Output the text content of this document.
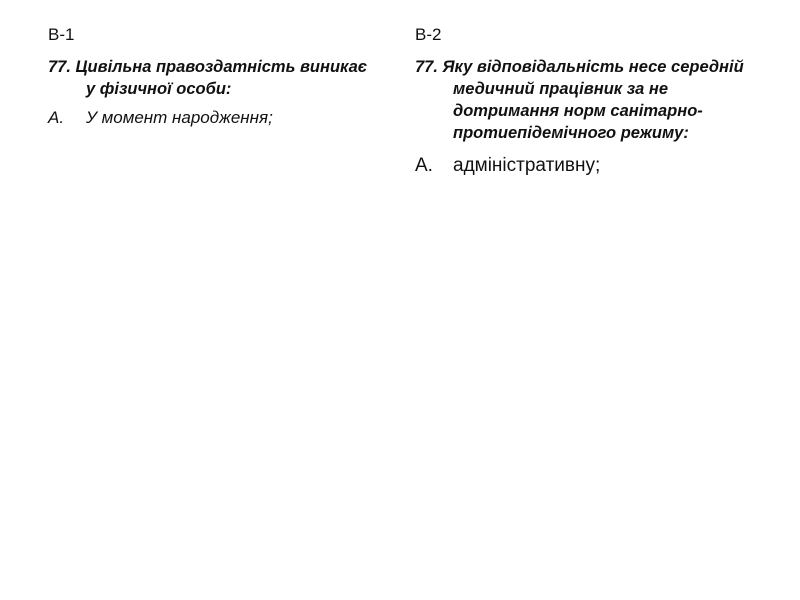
В-1

77. Цивільна правоздатність виникає у фізичної особи:

А.	У момент народження;
В-2

77. Яку відповідальність несе середній медичний працівник за не дотримання норм санітарно-протиепідемічного режиму:

А.	адміністративну;
